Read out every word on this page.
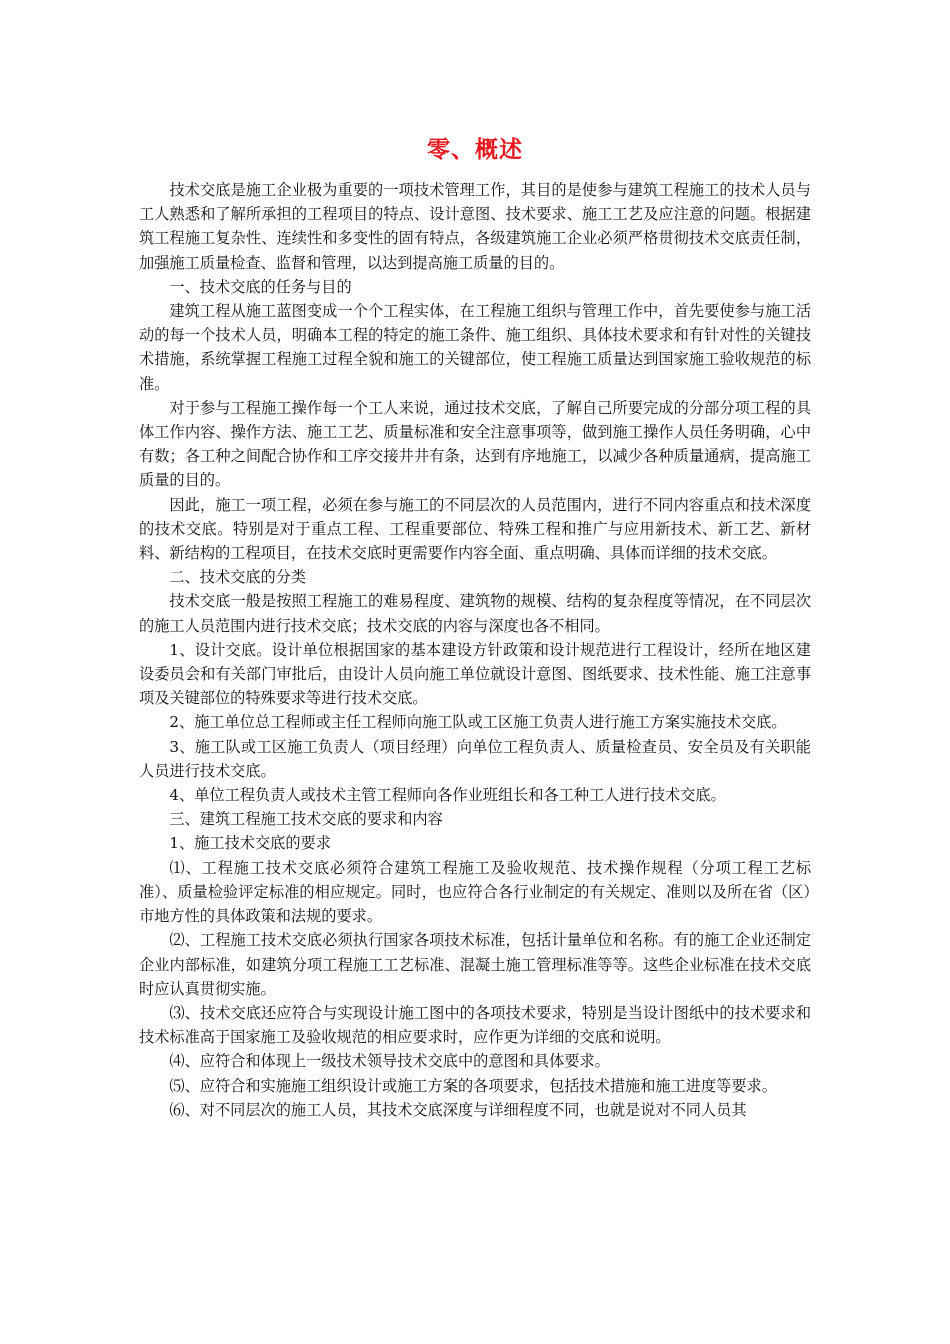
零、概述

技术交底是施工企业极为重要的一项技术管理工作，其目的是使参与建筑工程施工的技术人员与工人熟悉和了解所承担的工程项目的特点、设计意图、技术要求、施工工艺及应注意的问题。根据建筑工程施工复杂性、连续性和多变性的固有特点，各级建筑施工企业必须严格贯彻技术交底责任制，加强施工质量检查、监督和管理，以达到提高施工质量的目的。

一、技术交底的任务与目的

建筑工程从施工蓝图变成一个个工程实体，在工程施工组织与管理工作中，首先要使参与施工活动的每一个技术人员，明确本工程的特定的施工条件、施工组织、具体技术要求和有针对性的关键技术措施，系统掌握工程施工过程全貌和施工的关键部位，使工程施工质量达到国家施工验收规范的标准。

对于参与工程施工操作每一个工人来说，通过技术交底，了解自己所要完成的分部分项工程的具体工作内容、操作方法、施工工艺、质量标准和安全注意事项等，做到施工操作人员任务明确，心中有数；各工种之间配合协作和工序交接井井有条，达到有序地施工，以减少各种质量通病，提高施工质量的目的。

因此，施工一项工程，必须在参与施工的不同层次的人员范围内，进行不同内容重点和技术深度的技术交底。特别是对于重点工程、工程重要部位、特殊工程和推广与应用新技术、新工艺、新材料、新结构的工程项目，在技术交底时更需要作内容全面、重点明确、具体而详细的技术交底。

二、技术交底的分类

技术交底一般是按照工程施工的难易程度、建筑物的规模、结构的复杂程度等情况，在不同层次的施工人员范围内进行技术交底；技术交底的内容与深度也各不相同。

1、设计交底。设计单位根据国家的基本建设方针政策和设计规范进行工程设计，经所在地区建设委员会和有关部门审批后，由设计人员向施工单位就设计意图、图纸要求、技术性能、施工注意事项及关键部位的特殊要求等进行技术交底。

2、施工单位总工程师或主任工程师向施工队或工区施工负责人进行施工方案实施技术交底。

3、施工队或工区施工负责人（项目经理）向单位工程负责人、质量检查员、安全员及有关职能人员进行技术交底。

4、单位工程负责人或技术主管工程师向各作业班组长和各工种工人进行技术交底。

三、建筑工程施工技术交底的要求和内容

1、施工技术交底的要求

⑴、工程施工技术交底必须符合建筑工程施工及验收规范、技术操作规程（分项工程工艺标准）、质量检验评定标准的相应规定。同时，也应符合各行业制定的有关规定、准则以及所在省（区）市地方性的具体政策和法规的要求。

⑵、工程施工技术交底必须执行国家各项技术标准，包括计量单位和名称。有的施工企业还制定企业内部标准，如建筑分项工程施工工艺标准、混凝土施工管理标准等等。这些企业标准在技术交底时应认真贯彻实施。

⑶、技术交底还应符合与实现设计施工图中的各项技术要求，特别是当设计图纸中的技术要求和技术标准高于国家施工及验收规范的相应要求时，应作更为详细的交底和说明。

⑷、应符合和体现上一级技术领导技术交底中的意图和具体要求。

⑸、应符合和实施施工组织设计或施工方案的各项要求，包括技术措施和施工进度等要求。

⑹、对不同层次的施工人员，其技术交底深度与详细程度不同，也就是说对不同人员其
